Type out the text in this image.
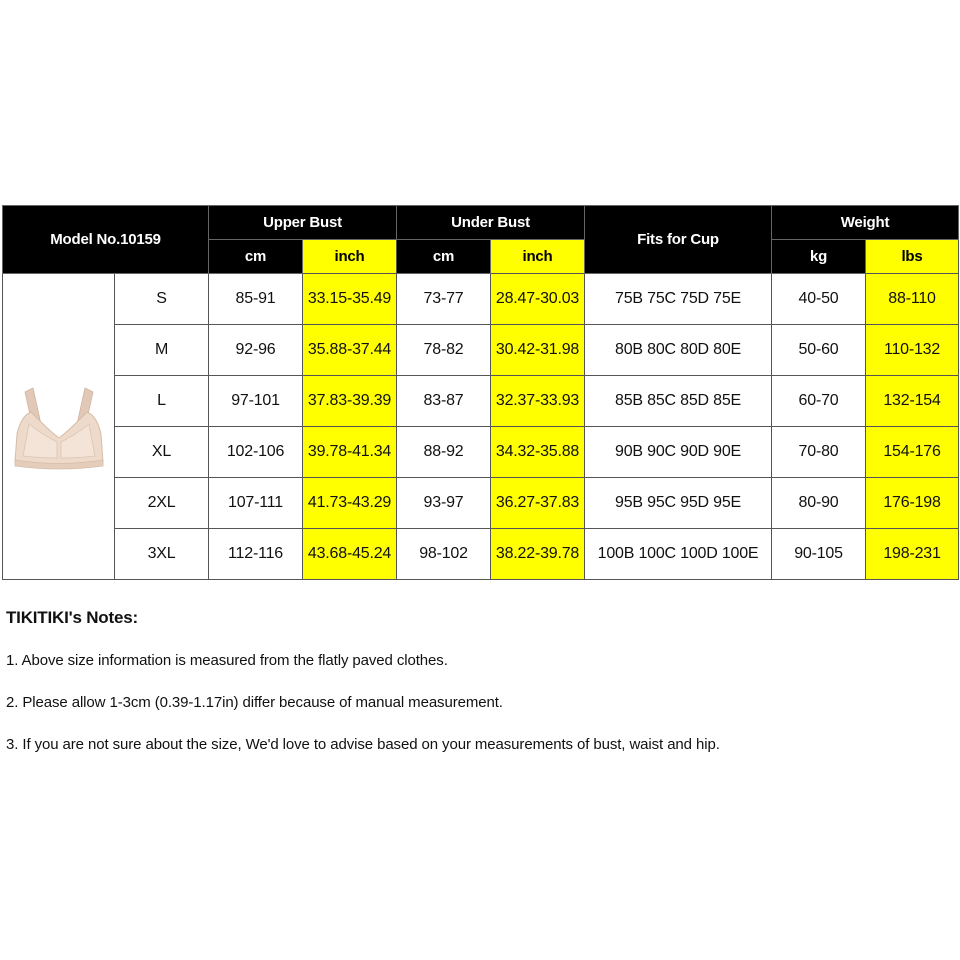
Model No.10159		Upper Bust		Under Bust		Fits for Cup	Weight	
		cm	inch	cm	inch		kg	lbs

	S	85-91	33.15-35.49	73-77	28.47-30.03	75B 75C 75D 75E	40-50	88-110
	M	92-96	35.88-37.44	78-82	30.42-31.98	80B 80C 80D 80E	50-60	110-132
	L	97-101	37.83-39.39	83-87	32.37-33.93	85B 85C 85D 85E	60-70	132-154
	XL	102-106	39.78-41.34	88-92	34.32-35.88	90B 90C 90D 90E	70-80	154-176
	2XL	107-111	41.73-43.29	93-97	36.27-37.83	95B 95C 95D 95E	80-90	176-198
	3XL	112-116	43.68-45.24	98-102	38.22-39.78	100B 100C 100D 100E	90-105	198-231
TIKITIKI's Notes:
1. Above size information is measured from the flatly paved clothes.
2. Please allow 1-3cm (0.39-1.17in) differ because of manual measurement.
3. If you are not sure about the size, We'd love to advise based on your measurements of bust, waist and hip.
